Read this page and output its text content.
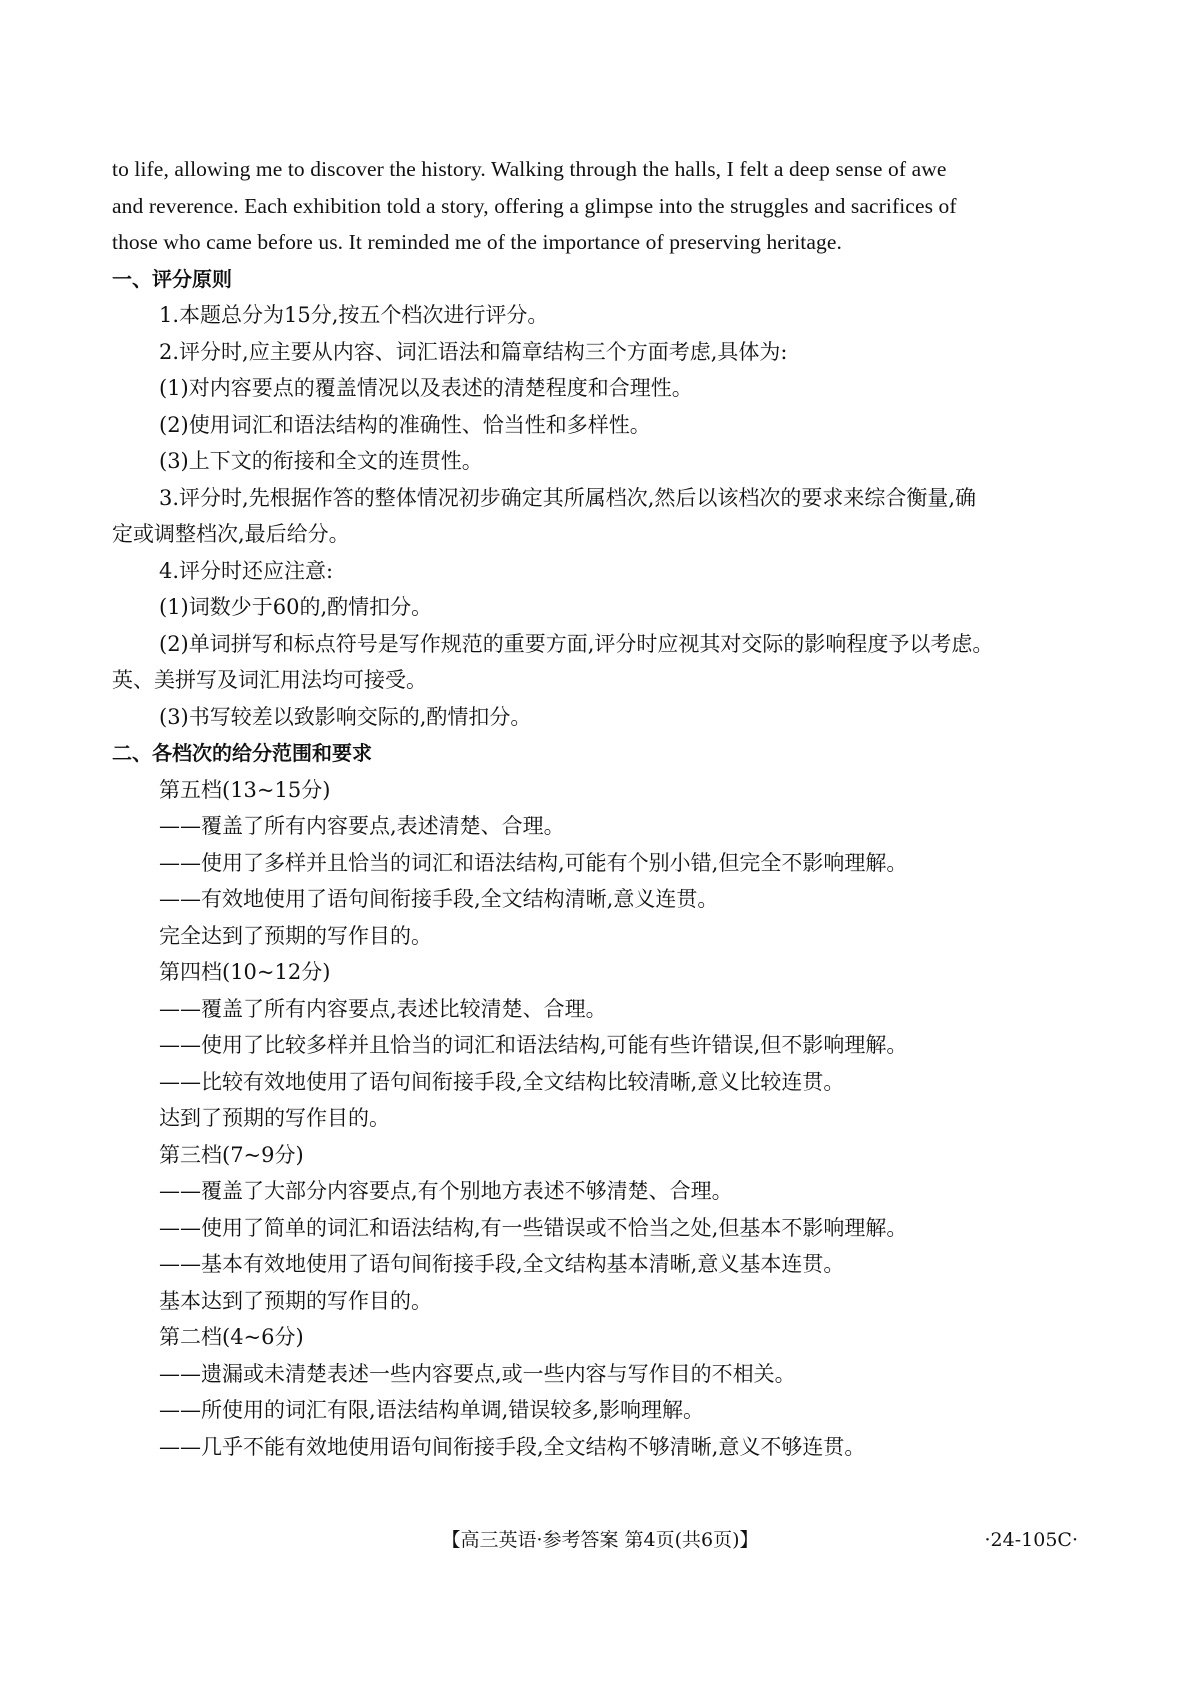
to life, allowing me to discover the history. Walking through the halls, I felt a deep sense of awe
and reverence. Each exhibition told a story, offering a glimpse into the struggles and sacrifices of
those who came before us. It reminded me of the importance of preserving heritage.
一、评分原则
1.本题总分为15分,按五个档次进行评分。
2.评分时,应主要从内容、词汇语法和篇章结构三个方面考虑,具体为:
(1)对内容要点的覆盖情况以及表述的清楚程度和合理性。
(2)使用词汇和语法结构的准确性、恰当性和多样性。
(3)上下文的衔接和全文的连贯性。
3.评分时,先根据作答的整体情况初步确定其所属档次,然后以该档次的要求来综合衡量,确
定或调整档次,最后给分。
4.评分时还应注意:
(1)词数少于60的,酌情扣分。
(2)单词拼写和标点符号是写作规范的重要方面,评分时应视其对交际的影响程度予以考虑。
英、美拼写及词汇用法均可接受。
(3)书写较差以致影响交际的,酌情扣分。
二、各档次的给分范围和要求
第五档(13~15分)
——覆盖了所有内容要点,表述清楚、合理。
——使用了多样并且恰当的词汇和语法结构,可能有个别小错,但完全不影响理解。
——有效地使用了语句间衔接手段,全文结构清晰,意义连贯。
完全达到了预期的写作目的。
第四档(10~12分)
——覆盖了所有内容要点,表述比较清楚、合理。
——使用了比较多样并且恰当的词汇和语法结构,可能有些许错误,但不影响理解。
——比较有效地使用了语句间衔接手段,全文结构比较清晰,意义比较连贯。
达到了预期的写作目的。
第三档(7~9分)
——覆盖了大部分内容要点,有个别地方表述不够清楚、合理。
——使用了简单的词汇和语法结构,有一些错误或不恰当之处,但基本不影响理解。
——基本有效地使用了语句间衔接手段,全文结构基本清晰,意义基本连贯。
基本达到了预期的写作目的。
第二档(4~6分)
——遗漏或未清楚表述一些内容要点,或一些内容与写作目的不相关。
——所使用的词汇有限,语法结构单调,错误较多,影响理解。
——几乎不能有效地使用语句间衔接手段,全文结构不够清晰,意义不够连贯。
【高三英语·参考答案 第4页(共6页)】	·24-105C·
